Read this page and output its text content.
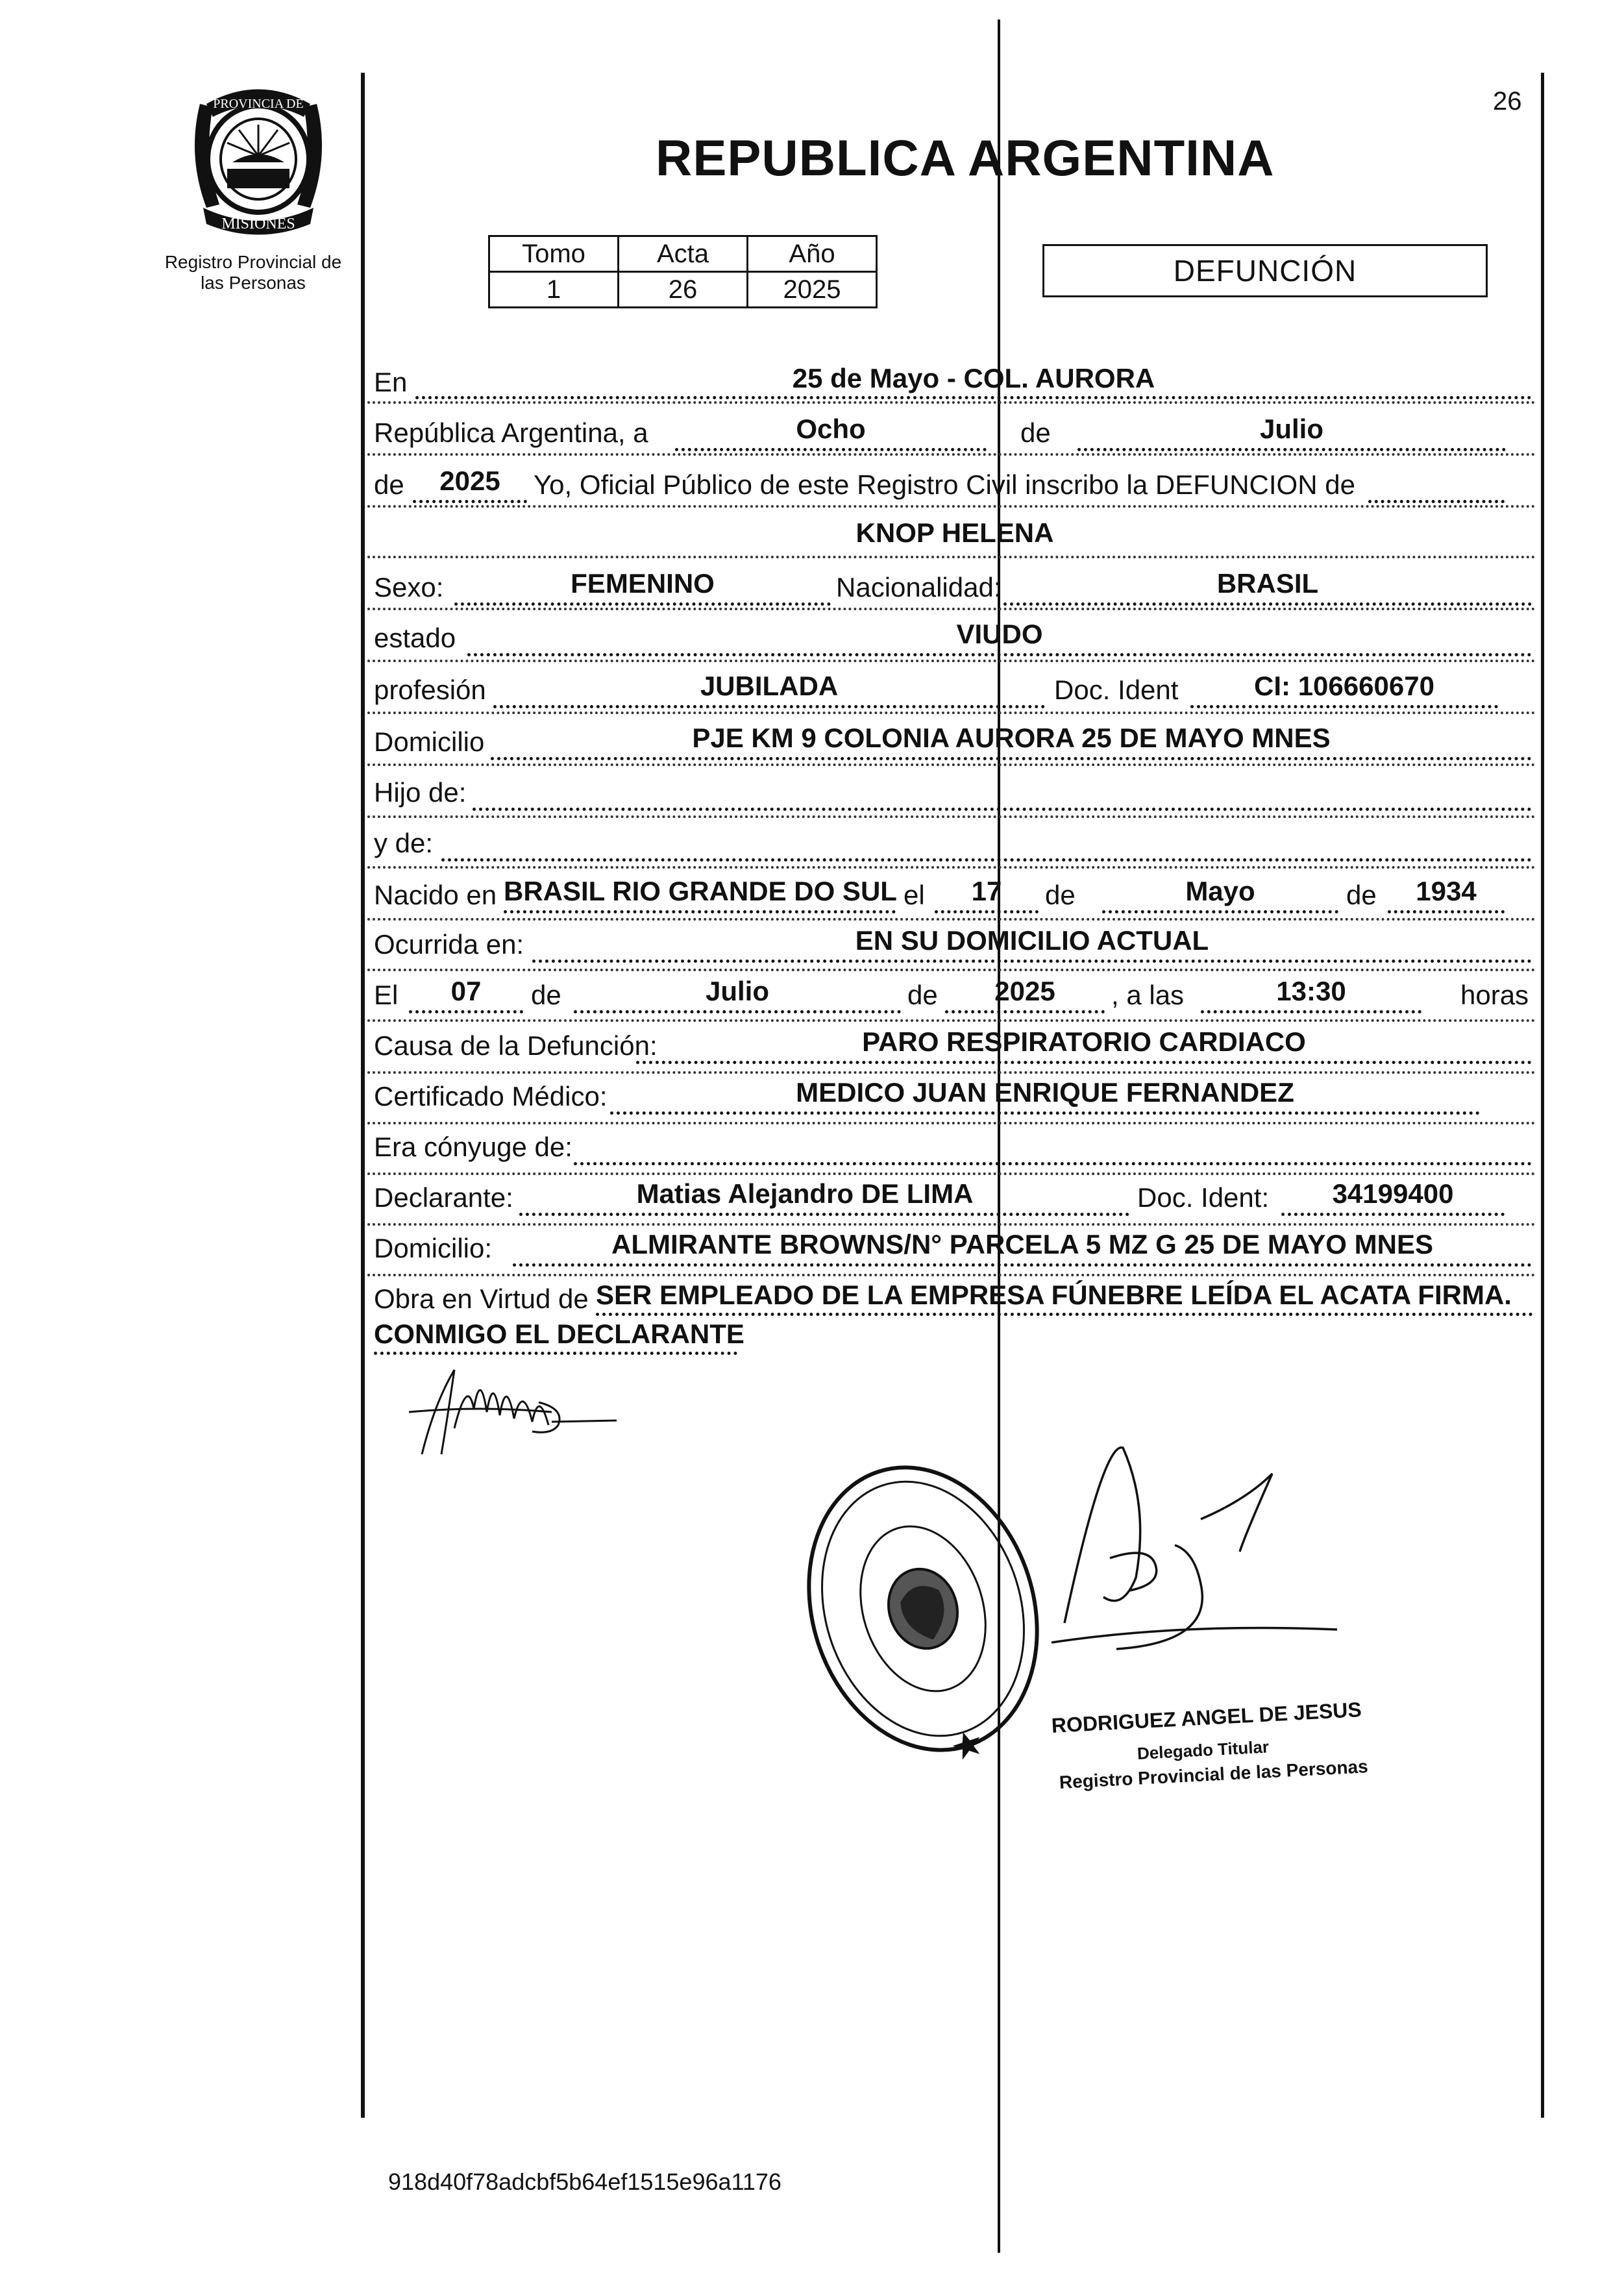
26
PROVINCIA DE
MISIONES
Registro Provincial de
las Personas
REPUBLICA ARGENTINA
Tomo	Acta	Año
1	26	2025
DEFUNCIÓN
En	25 de Mayo - COL. AURORA
República Argentina, a	Ocho	de	Julio
de	2025	Yo, Oficial Público de este Registro Civil inscribo la DEFUNCION de
KNOP HELENA
Sexo:	FEMENINO	Nacionalidad:	BRASIL
estado	VIUDO
profesión	JUBILADA	Doc. Ident	CI: 106660670
Domicilio	PJE KM 9 COLONIA AURORA 25 DE MAYO MNES
Hijo de:
y de:
Nacido en BRASIL RIO GRANDE DO SUL el	17	de	Mayo	de	1934
Ocurrida en:	EN SU DOMICILIO ACTUAL
El	07	de	Julio	de	2025	, a las	13:30	horas
Causa de la Defunción:	PARO RESPIRATORIO CARDIACO
Certificado Médico:	MEDICO JUAN ENRIQUE FERNANDEZ
Era cónyuge de:
Declarante:	Matias Alejandro DE LIMA	Doc. Ident:	34199400
Domicilio:	ALMIRANTE BROWNS/N° PARCELA 5 MZ G 25 DE MAYO MNES
Obra en Virtud de SER EMPLEADO DE LA EMPRESA FÚNEBRE LEÍDA EL ACATA FIRMA.
CONMIGO EL DECLARANTE
RODRIGUEZ ANGEL DE JESUS
Delegado Titular
Registro Provincial de las Personas
918d40f78adcbf5b64ef1515e96a1176
